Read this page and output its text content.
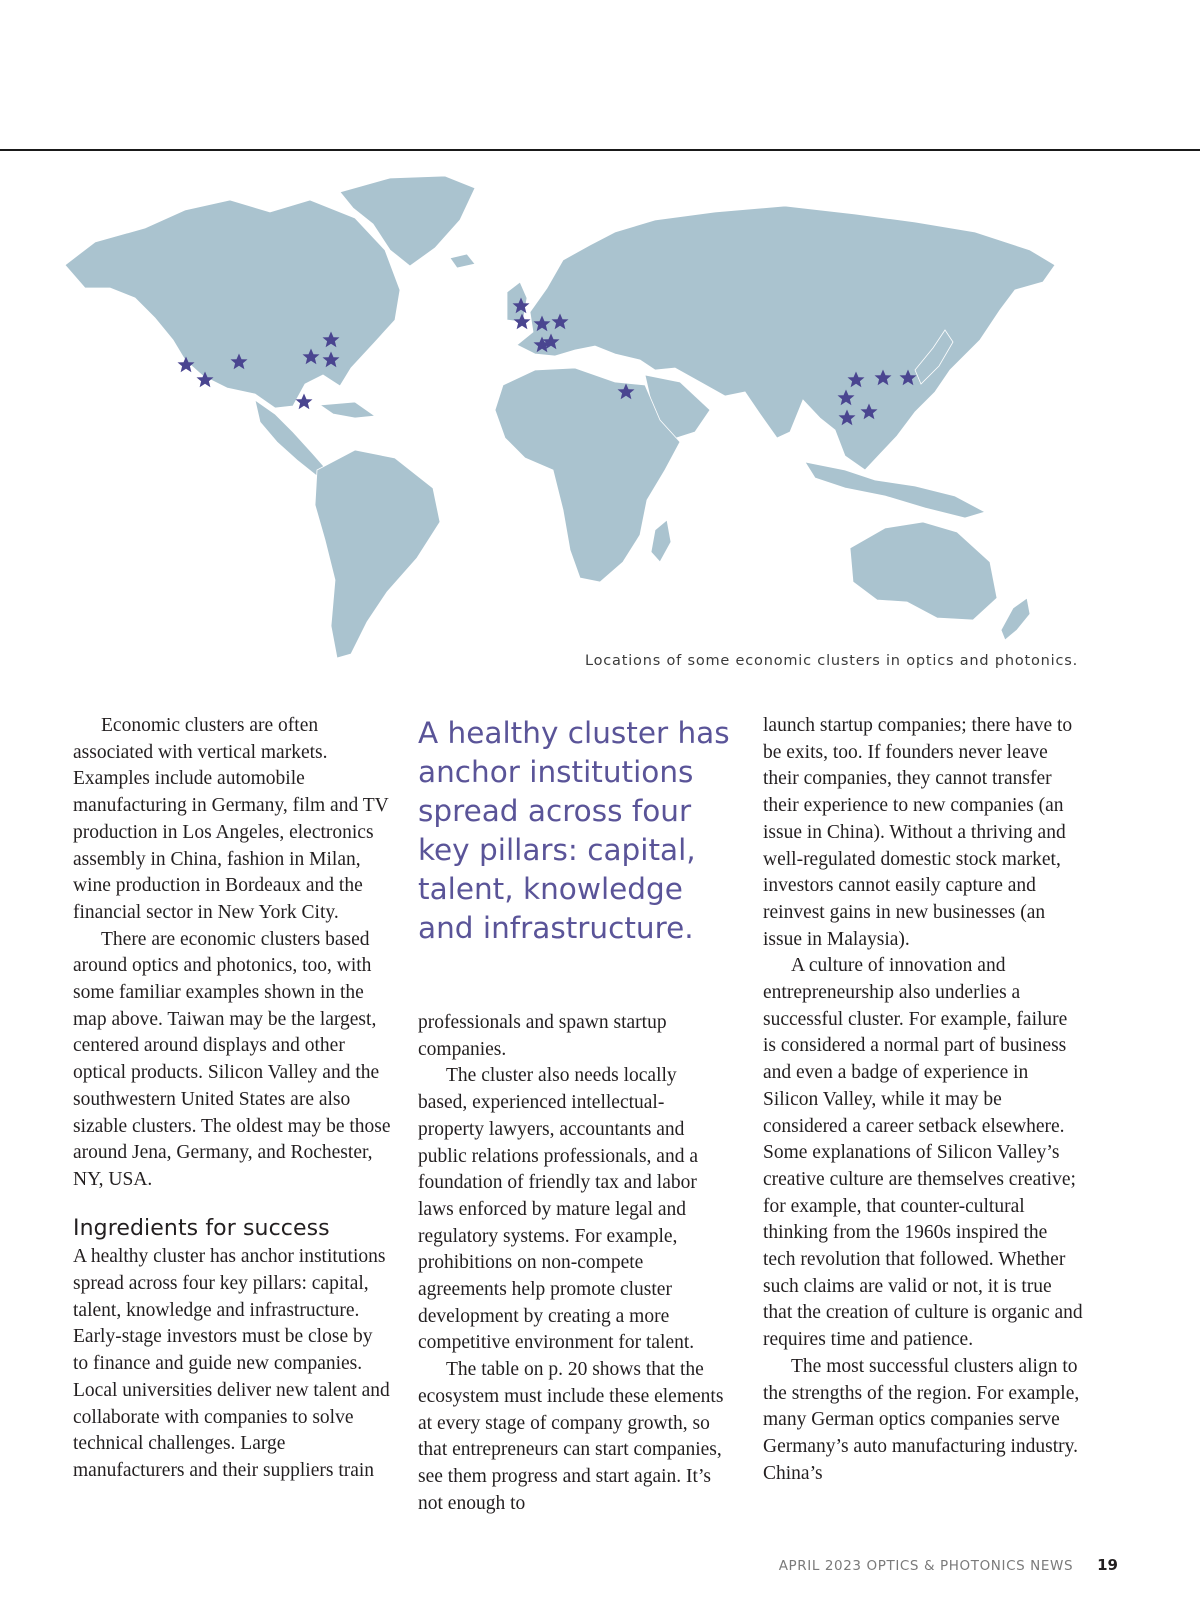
Locations of some economic clusters in optics and photonics.

Economic clusters are often associated with vertical markets. Examples include automobile manufacturing in Germany, film and TV production in Los Angeles, electronics assembly in China, fashion in Milan, wine production in Bordeaux and the financial sector in New York City.

There are economic clusters based around optics and photonics, too, with some familiar examples shown in the map above. Taiwan may be the largest, centered around displays and other optical products. Silicon Valley and the southwestern United States are also sizable clusters. The oldest may be those around Jena, Germany, and Rochester, NY, USA.

Ingredients for success

A healthy cluster has anchor institutions spread across four key pillars: capital, talent, knowledge and infrastructure. Early-stage investors must be close by to finance and guide new companies. Local universities deliver new talent and collaborate with companies to solve technical challenges. Large manufacturers and their suppliers train

A healthy cluster has anchor institutions spread across four key pillars: capital, talent, knowledge and infrastructure.

professionals and spawn startup companies.

The cluster also needs locally based, experienced intellectual-property lawyers, accountants and public relations professionals, and a foundation of friendly tax and labor laws enforced by mature legal and regulatory systems. For example, prohibitions on non-compete agreements help promote cluster development by creating a more competitive environment for talent.

The table on p. 20 shows that the ecosystem must include these elements at every stage of company growth, so that entrepreneurs can start companies, see them progress and start again. It’s not enough to

launch startup companies; there have to be exits, too. If founders never leave their companies, they cannot transfer their experience to new companies (an issue in China). Without a thriving and well-regulated domestic stock market, investors cannot easily capture and reinvest gains in new businesses (an issue in Malaysia).

A culture of innovation and entrepreneurship also underlies a successful cluster. For example, failure is considered a normal part of business and even a badge of experience in Silicon Valley, while it may be considered a career setback elsewhere. Some explanations of Silicon Valley’s creative culture are themselves creative; for example, that counter-cultural thinking from the 1960s inspired the tech revolution that followed. Whether such claims are valid or not, it is true that the creation of culture is organic and requires time and patience.

The most successful clusters align to the strengths of the region. For example, many German optics companies serve Germany’s auto manufacturing industry. China’s

APRIL 2023 OPTICS & PHOTONICS NEWS 19
